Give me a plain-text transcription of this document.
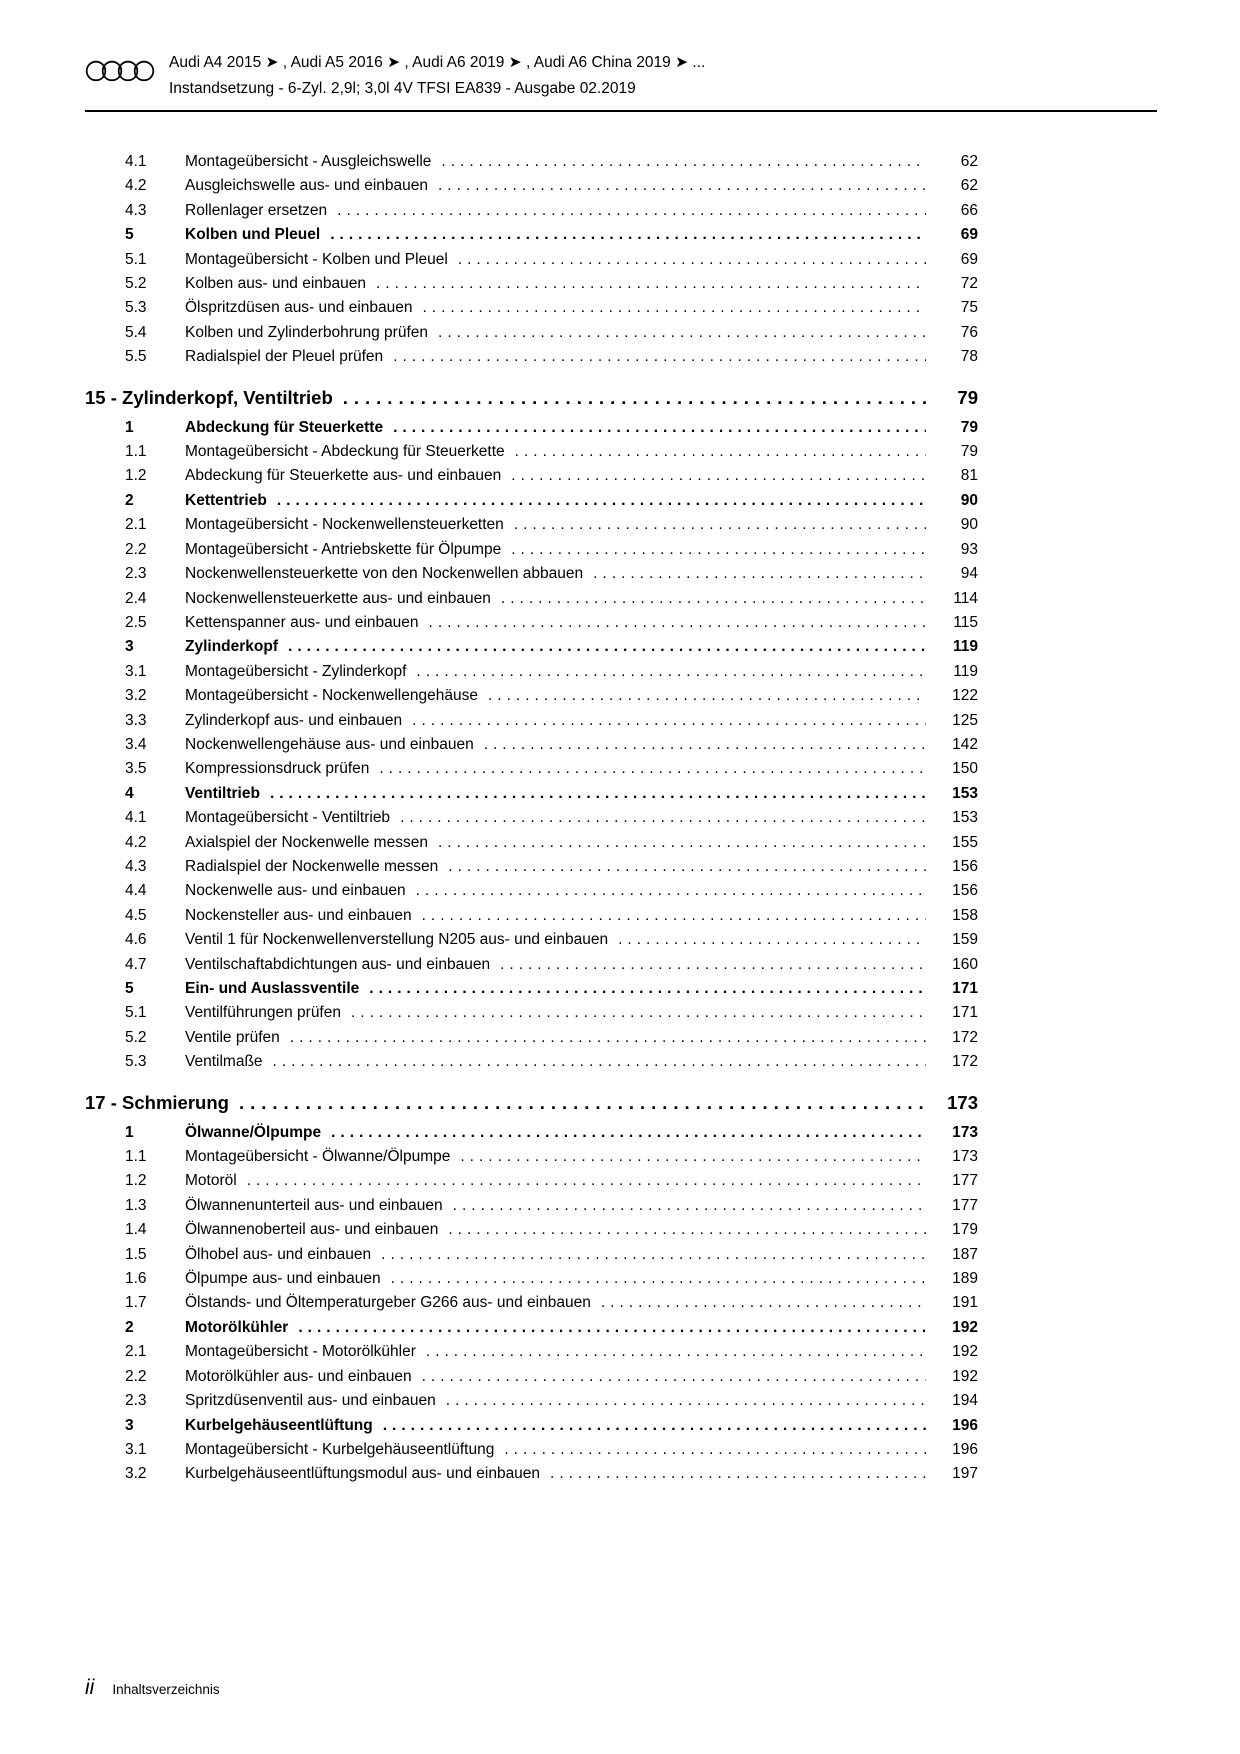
Audi A4 2015 ➤ , Audi A5 2016 ➤ , Audi A6 2019 ➤ , Audi A6 China 2019 ➤ ...
Instandsetzung - 6-Zyl. 2,9l; 3,0l 4V TFSI EA839 - Ausgabe 02.2019
4.1	Montageübersicht - Ausgleichswelle .....	62
4.2	Ausgleichswelle aus- und einbauen .....	62
4.3	Rollenlager ersetzen .....	66
5	Kolben und Pleuel .....	69
5.1	Montageübersicht - Kolben und Pleuel .....	69
5.2	Kolben aus- und einbauen .....	72
5.3	Ölspritzdüsen aus- und einbauen .....	75
5.4	Kolben und Zylinderbohrung prüfen .....	76
5.5	Radialspiel der Pleuel prüfen .....	78
15 - Zylinderkopf, Ventiltrieb .....	79
1	Abdeckung für Steuerkette .....	79
1.1	Montageübersicht - Abdeckung für Steuerkette .....	79
1.2	Abdeckung für Steuerkette aus- und einbauen .....	81
2	Kettentrieb .....	90
2.1	Montageübersicht - Nockenwellensteuerketten .....	90
2.2	Montageübersicht - Antriebskette für Ölpumpe .....	93
2.3	Nockenwellensteuerkette von den Nockenwellen abbauen .....	94
2.4	Nockenwellensteuerkette aus- und einbauen .....	114
2.5	Kettenspanner aus- und einbauen .....	115
3	Zylinderkopf .....	119
3.1	Montageübersicht - Zylinderkopf .....	119
3.2	Montageübersicht - Nockenwellengehäuse .....	122
3.3	Zylinderkopf aus- und einbauen .....	125
3.4	Nockenwellengehäuse aus- und einbauen .....	142
3.5	Kompressionsdruck prüfen .....	150
4	Ventiltrieb .....	153
4.1	Montageübersicht - Ventiltrieb .....	153
4.2	Axialspiel der Nockenwelle messen .....	155
4.3	Radialspiel der Nockenwelle messen .....	156
4.4	Nockenwelle aus- und einbauen .....	156
4.5	Nockensteller aus- und einbauen .....	158
4.6	Ventil 1 für Nockenwellenverstellung N205 aus- und einbauen .....	159
4.7	Ventilschaftabdichtungen aus- und einbauen .....	160
5	Ein- und Auslassventile .....	171
5.1	Ventilführungen prüfen .....	171
5.2	Ventile prüfen .....	172
5.3	Ventilmaße .....	172
17 - Schmierung .....	173
1	Ölwanne/Ölpumpe .....	173
1.1	Montageübersicht - Ölwanne/Ölpumpe .....	173
1.2	Motoröl .....	177
1.3	Ölwannenunterteil aus- und einbauen .....	177
1.4	Ölwannenoberteil aus- und einbauen .....	179
1.5	Ölhobel aus- und einbauen .....	187
1.6	Ölpumpe aus- und einbauen .....	189
1.7	Ölstands- und Öltemperaturgeber G266 aus- und einbauen .....	191
2	Motorölkühler .....	192
2.1	Montageübersicht - Motorölkühler .....	192
2.2	Motorölkühler aus- und einbauen .....	192
2.3	Spritzdüsenventil aus- und einbauen .....	194
3	Kurbelgehäuseentlüftung .....	196
3.1	Montageübersicht - Kurbelgehäuseentlüftung .....	196
3.2	Kurbelgehäuseentlüftungsmodul aus- und einbauen .....	197
ii Inhaltsverzeichnis
